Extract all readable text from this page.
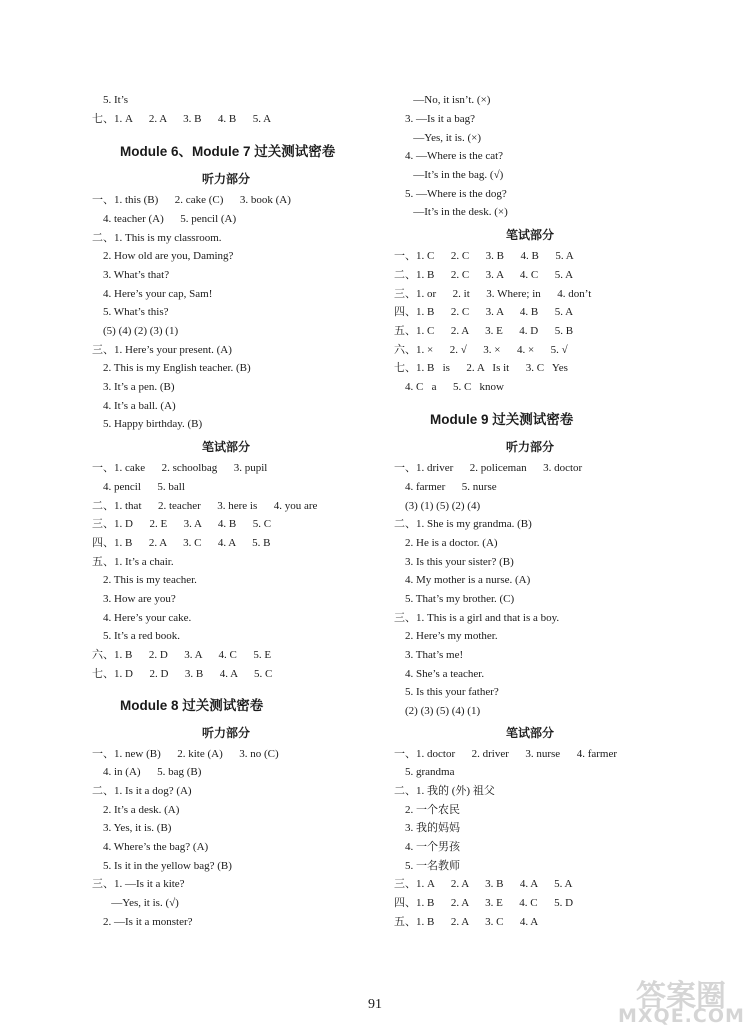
5. It’s
七、1. A      2. A      3. B      4. B      5. A
Module 6、Module 7 过关测试密卷
听力部分
一、1. this (B)      2. cake (C)      3. book (A)
4. teacher (A)      5. pencil (A)
二、1. This is my classroom.
2. How old are you, Daming?
3. What’s that?
4. Here’s your cap, Sam!
5. What’s this?
(5) (4) (2) (3) (1)
三、1. Here’s your present. (A)
2. This is my English teacher. (B)
3. It’s a pen. (B)
4. It’s a ball. (A)
5. Happy birthday. (B)
笔试部分
一、1. cake      2. schoolbag      3. pupil
4. pencil      5. ball
二、1. that      2. teacher      3. here is      4. you are
三、1. D      2. E      3. A      4. B      5. C
四、1. B      2. A      3. C      4. A      5. B
五、1. It’s a chair.
2. This is my teacher.
3. How are you?
4. Here’s your cake.
5. It’s a red book.
六、1. B      2. D      3. A      4. C      5. E
七、1. D      2. D      3. B      4. A      5. C
Module 8 过关测试密卷
听力部分
一、1. new (B)      2. kite (A)      3. no (C)
4. in (A)      5. bag (B)
二、1. Is it a dog? (A)
2. It’s a desk. (A)
3. Yes, it is. (B)
4. Where’s the bag? (A)
5. Is it in the yellow bag? (B)
三、1. —Is it a kite?
—Yes, it is. (√)
2. —Is it a monster?
—No, it isn’t. (×)
3. —Is it a bag?
—Yes, it is. (×)
4. —Where is the cat?
—It’s in the bag. (√)
5. —Where is the dog?
—It’s in the desk. (×)
笔试部分
一、1. C      2. C      3. B      4. B      5. A
二、1. B      2. C      3. A      4. C      5. A
三、1. or      2. it      3. Where; in      4. don’t
四、1. B      2. C      3. A      4. B      5. A
五、1. C      2. A      3. E      4. D      5. B
六、1. ×      2. √      3. ×      4. ×      5. √
七、1. B   is      2. A   Is it      3. C   Yes
4. C   a      5. C   know
Module 9 过关测试密卷
听力部分
一、1. driver      2. policeman      3. doctor
4. farmer      5. nurse
(3) (1) (5) (2) (4)
二、1. She is my grandma. (B)
2. He is a doctor. (A)
3. Is this your sister? (B)
4. My mother is a nurse. (A)
5. That’s my brother. (C)
三、1. This is a girl and that is a boy.
2. Here’s my mother.
3. That’s me!
4. She’s a teacher.
5. Is this your father?
(2) (3) (5) (4) (1)
笔试部分
一、1. doctor      2. driver      3. nurse      4. farmer
5. grandma
二、1. 我的 (外) 祖父
2. 一个农民
3. 我的妈妈
4. 一个男孩
5. 一名教师
三、1. A      2. A      3. B      4. A      5. A
四、1. B      2. A      3. E      4. C      5. D
五、1. B      2. A      3. C      4. A
91	答案圈
MXQE.COM
